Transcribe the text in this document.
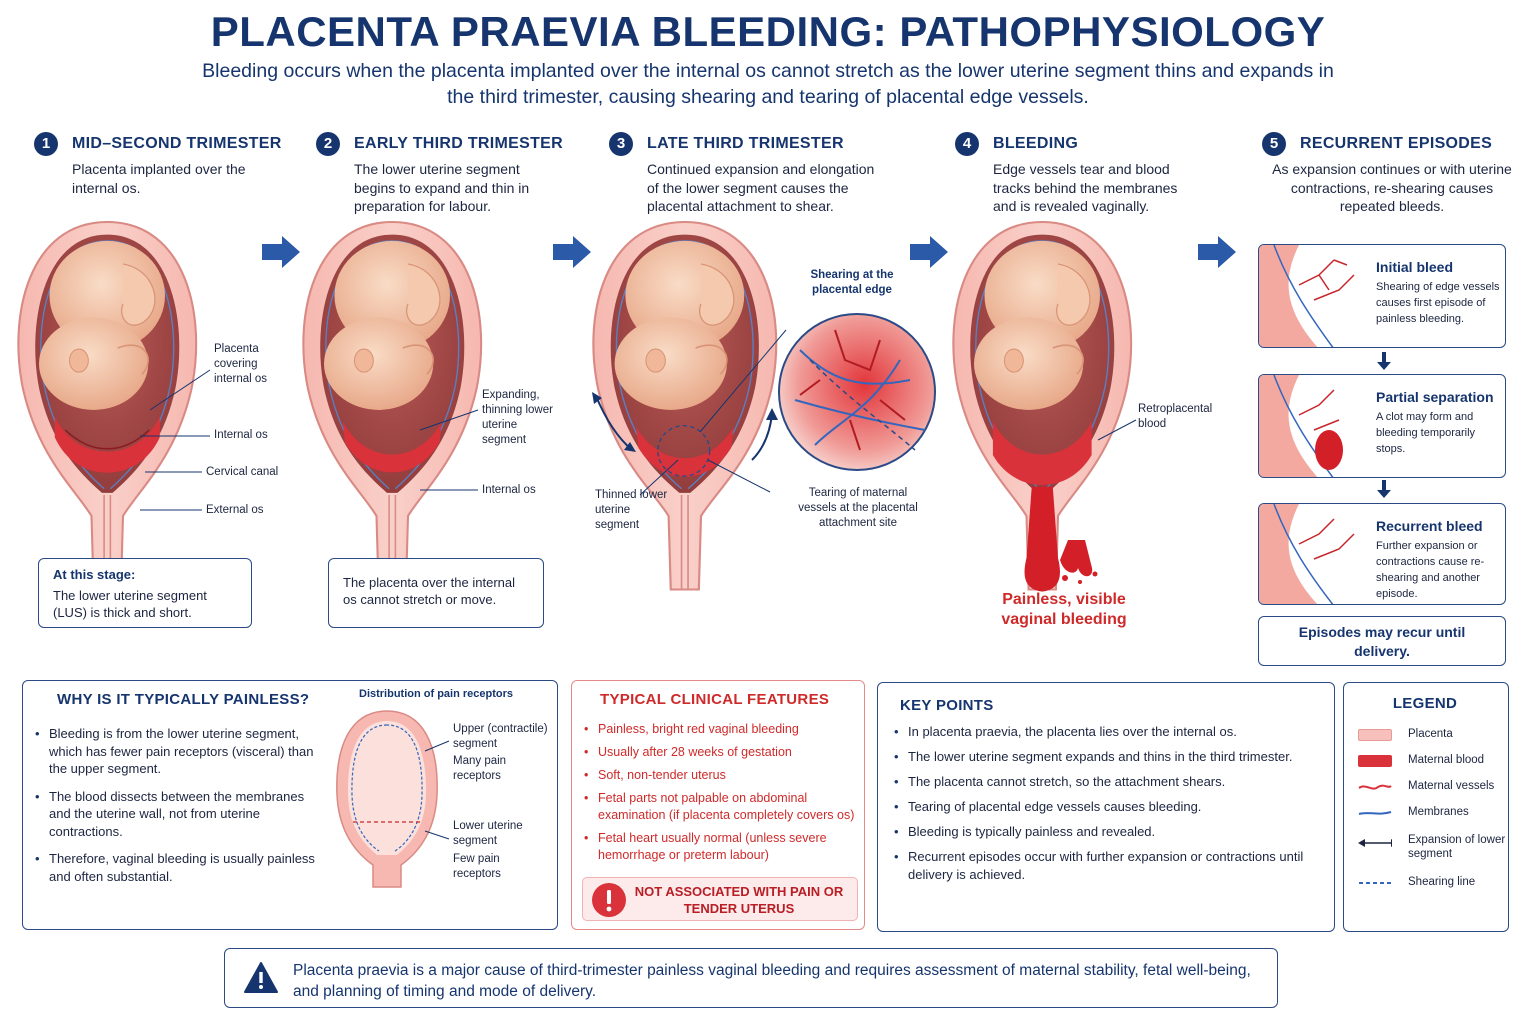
PLACENTA PRAEVIA BLEEDING: PATHOPHYSIOLOGY
Bleeding occurs when the placenta implanted over the internal os cannot stretch as the lower uterine segment thins and expands in the third trimester, causing shearing and tearing of placental edge vessels.
1	MID–SECOND TRIMESTER
Placenta implanted over the internal os.
2	EARLY THIRD TRIMESTER
The lower uterine segment begins to expand and thin in preparation for labour.
3	LATE THIRD TRIMESTER
Continued expansion and elongation of the lower segment causes the placental attachment to shear.
4	BLEEDING
Edge vessels tear and blood tracks behind the membranes and is revealed vaginally.
5	RECURRENT EPISODES
As expansion continues or with uterine contractions, re-shearing causes repeated bleeds.
Placenta covering internal os
Internal os
Cervical canal
External os
Expanding, thinning lower uterine segment
Internal os
Shearing at the placental edge
Thinned lower uterine segment
Tearing of maternal vessels at the placental attachment site
Retroplacental blood
At this stage:
The lower uterine segment (LUS) is thick and short.
The placenta over the internal os cannot stretch or move.	Painless, visible vaginal bleeding
Initial bleed
Shearing of edge vessels causes first episode of painless bleeding.
Partial separation
A clot may form and bleeding temporarily stops.
Recurrent bleed
Further expansion or contractions cause re-shearing and another episode.
Episodes may recur until delivery.
WHY IS IT TYPICALLY PAINLESS?
• Bleeding is from the lower uterine segment, which has fewer pain receptors (visceral) than the upper segment.
• The blood dissects between the membranes and the uterine wall, not from uterine contractions.
• Therefore, vaginal bleeding is usually painless and often substantial.
Distribution of pain receptors
Upper (contractile) segment
Many pain receptors
Lower uterine segment
Few pain receptors
TYPICAL CLINICAL FEATURES
• Painless, bright red vaginal bleeding
• Usually after 28 weeks of gestation
• Soft, non-tender uterus
• Fetal parts not palpable on abdominal examination (if placenta completely covers os)
• Fetal heart usually normal (unless severe hemorrhage or preterm labour)
NOT ASSOCIATED WITH PAIN OR TENDER UTERUS
KEY POINTS
• In placenta praevia, the placenta lies over the internal os.
• The lower uterine segment expands and thins in the third trimester.
• The placenta cannot stretch, so the attachment shears.
• Tearing of placental edge vessels causes bleeding.
• Bleeding is typically painless and revealed.
• Recurrent episodes occur with further expansion or contractions until delivery is achieved.
LEGEND
Placenta
Maternal blood
Maternal vessels
Membranes
Expansion of lower segment
Shearing line
Placenta praevia is a major cause of third-trimester painless vaginal bleeding and requires assessment of maternal stability, fetal well-being, and planning of timing and mode of delivery.
